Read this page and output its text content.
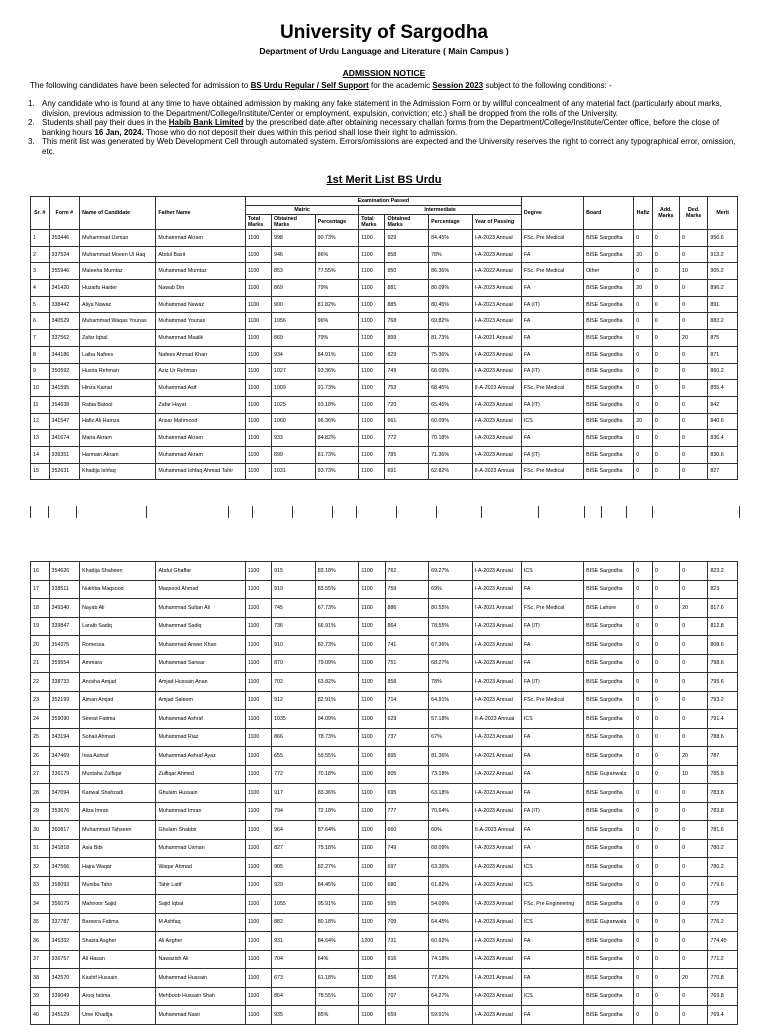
University of Sargodha
Department of Urdu Language and Literature ( Main Campus )
ADMISSION NOTICE
The following candidates have been selected for admission to BS Urdu Regular / Self Support for the academic Session 2023 subject to the following conditions: -
1. Any candidate who is found at any time to have obtained admission by making any fake statement in the Admission Form or by willful concealment of any material fact (particularly about marks, division, previous admission to the Department/College/Institute/Center or employment, expulsion, conviction; etc.) shall be dropped from the rolls of the University.
2. Students shall pay their dues in the Habib Bank Limited by the prescribed date after obtaining necessary challan forms from the Department/College/Institute/Center office, before the close of banking hours 16 Jan, 2024. Those who do not deposit their dues within this period shall lose their right to admission.
3. This merit list was generated by Web Development Cell through automated system. Errors/omissions are expected and the University reserves the right to correct any typographical error, omission, etc.
1st Merit List BS Urdu
Sr. #	Form #	Name of Candidate	Father Name	Examination Passed							Degree	Board	Hafiz	Add. Marks	Ded. Marks	Merit
				Matric			Intermediate									
				Total Marks	Obtained Marks	Percentage	Total Marks	Obtained Marks	Percentage	Year of Passing						
1	353446	Muhammad Usman	Muhammad Akram	1100	998	90.73%	1100	929	84.45%	I-A-2023 Annual	FSc. Pre Medical	BISE Sargodha	0	0	0	956.6
2	337524	Muhammad Moeen Ul Haq	Abdul Basit	1100	946	86%	1100	858	78%	I-A-2023 Annual	FA	BISE Sargodha	20	0	0	913.2
3	355946	Maleeha Mumtaz	Muhammad Mumtaz	1100	853	77.55%	1100	950	86.36%	I-A-2022 Annual	FSc. Pre Medical	Other	0	0	10	905.2
4	341420	Huzaifa Haider	Nawab Din	1100	869	79%	1100	881	80.09%	I-A-2023 Annual	FA	BISE Sargodha	20	0	0	896.2
5	338442	Aliya Nawaz	Muhammad Nawaz	1100	900	81.82%	1100	885	80.45%	I-A-2023 Annual	FA (IT)	BISE Sargodha	0	0	0	891
6	340529	Muhammad Waqas Younas	Muhammad Younas	1100	1056	96%	1100	768	69.82%	I-A-2023 Annual	FA	BISE Sargodha	0	0	0	883.2
7	337562	Zafar Iqbal	Muhammad Maalik	1100	869	79%	1100	899	81.73%	I-A-2021 Annual	FA	BISE Sargodha	0	0	20	875
8	344186	Laiba Nafees	Nafees Ahmad Khan	1100	934	84.91%	1100	829	75.36%	I-A-2023 Annual	FA	BISE Sargodha	0	0	0	871
9	350592	Husna Rehman	Aziz Ur Rehman	1100	1027	93.36%	1100	749	68.09%	I-A-2023 Annual	FA (IT)	BISE Sargodha	0	0	0	860.2
10	341595	Hinza Kainat	Muhammad Asif	1100	1009	91.73%	1100	753	68.45%	II-A-2023 Annual	FSc. Pre Medical	BISE Sargodha	0	0	0	855.4
11	354638	Rabia Batool	Zafar Hayat	1100	1025	93.18%	1100	720	65.45%	I-A-2023 Annual	FA (IT)	BISE Sargodha	0	0	0	842
12	341547	Hafiz Ali Hamza	Ansar Mahmood	1100	1060	96.36%	1100	661	60.09%	I-A-2023 Annual	ICS	BISE Sargodha	20	0	0	840.6
13	341674	Maira Akram	Muhammad Akram	1100	933	84.82%	1100	772	70.18%	I-A-2023 Annual	FA	BISE Sargodha	0	0	0	836.4
14	339351	Harmain Akram	Muhammad Akram	1100	899	81.73%	1100	785	71.36%	I-A-2023 Annual	FA (IT)	BISE Sargodha	0	0	0	830.6
15	352631	Khadija Ishfaq	Muhammad Ishfaq Ahmad Tahir	1100	1031	93.73%	1100	691	62.82%	II-A-2023 Annual	FSc. Pre Medical	BISE Sargodha	0	0	0	827
16	354626	Khadija Shaheen	Abdul Ghaffar	1100	915	83.18%	1100	762	69.27%	I-A-2023 Annual	ICS	BISE Sargodha	0	0	0	823.2
17	338511	Nukhba Maqsood	Maqsood Ahmad	1100	919	83.55%	1100	759	69%	I-A-2023 Annual	FA	BISE Sargodha	0	0	0	823
18	349340	Nayab Ali	Muhammad Sultan Ali	1100	745	67.73%	1100	886	80.55%	I-A-2021 Annual	FSc. Pre Medical	BISE Lahore	0	0	20	817.6
19	339847	Laraib Sadiq	Muhammad Sadiq	1100	736	66.91%	1100	864	78.55%	I-A-2023 Annual	FA (IT)	BISE Sargodha	0	0	0	812.8
20	354375	Romessa	Muhammad Anwer Khan	1100	910	82.73%	1100	741	67.36%	I-A-2023 Annual	FA	BISE Sargodha	0	0	0	808.6
21	359554	Ammara	Muhammad Sarwar	1100	870	79.09%	1100	751	68.27%	I-A-2023 Annual	FA	BISE Sargodha	0	0	0	798.6
22	338733	Anosha Amjad	Amjad Hussain Anan	1100	702	63.82%	1100	858	78%	I-A-2023 Annual	FA (IT)	BISE Sargodha	0	0	0	795.6
23	352199	Aiman Amjad	Amjad Saleem	1100	912	82.91%	1100	714	64.91%	I-A-2023 Annual	FSc. Pre Medical	BISE Sargodha	0	0	0	793.2
24	359090	Seerat Fatima	Muhammad Ashraf	1100	1035	94.09%	1100	629	57.18%	II-A-2023 Annual	ICS	BISE Sargodha	0	0	0	791.4
25	343194	Sohail Ahmad	Muhammad Riaz	1100	866	78.73%	1100	737	67%	I-A-2023 Annual	FA	BISE Sargodha	0	0	0	788.6
26	347469	Insa Ashraf	Muhammad Ashraf Ayaz	1100	655	59.55%	1100	895	81.36%	I-A-2021 Annual	FA	BISE Sargodha	0	0	20	787
27	336179	Muntaha Zulfiqar	Zulfiqar Ahmed	1100	772	70.18%	1100	805	73.18%	I-A-2022 Annual	FA	BISE Gujranwala	0	0	10	785.8
28	347094	Kanwal Shahzadi	Ghulam Hussain	1100	917	83.36%	1100	695	63.18%	I-A-2023 Annual	FA	BISE Sargodha	0	0	0	783.8
29	353676	Aliza Imran	Muhammad Imran	1100	794	72.18%	1100	777	70.64%	I-A-2023 Annual	FA (IT)	BISE Sargodha	0	0	0	783.8
30	360817	Muhammad Tahseen	Ghulam Shabbir	1100	964	87.64%	1100	660	60%	II-A-2023 Annual	FA	BISE Sargodha	0	0	0	781.6
31	341818	Asia Bibi	Muhammad Usman	1100	827	75.18%	1100	749	68.09%	I-A-2023 Annual	FA	BISE Sargodha	0	0	0	780.2
32	347566	Hajra Waqar	Waqar Ahmad	1100	905	82.27%	1100	697	63.36%	I-A-2023 Annual	ICS	BISE Sargodha	0	0	0	780.2
33	358093	Muniba Tahir	Tahir Latif	1100	929	84.45%	1100	680	61.82%	I-A-2023 Annual	ICS	BISE Sargodha	0	0	0	779.6
34	356079	Mahnoor Sajid	Sajid Iqbal	1100	1055	95.91%	1100	595	54.09%	I-A-2023 Annual	FSc. Pre Engineering	BISE Sargodha	0	0	0	779
35	337787	Bareera Fatima	M Ashfaq	1100	882	80.18%	1100	709	64.45%	I-A-2023 Annual	ICS	BISE Gujranwala	0	0	0	776.2
36	345332	Shazia Asgher	Ali Asgher	1100	931	84.64%	1200	731	60.92%	I-A-2023 Annual	FA	BISE Sargodha	0	0	0	774.45
37	336757	Ali Hasan	Nawazish Ali	1100	704	64%	1100	816	74.18%	I-A-2023 Annual	FA	BISE Sargodha	0	0	0	771.2
38	342570	Kashif Hussain	Muhammad Hussain	1100	673	61.18%	1100	856	77.82%	I-A-2021 Annual	FA	BISE Sargodha	0	0	20	770.8
39	339049	Arooj fatima	Mehboob Hussain Shah	1100	864	78.55%	1100	707	64.27%	I-A-2023 Annual	ICS	BISE Sargodha	0	0	0	769.8
40	345129	Ume Khadija	Muhammad Nasir	1100	935	85%	1100	659	59.91%	I-A-2023 Annual	FA	BISE Sargodha	0	0	0	769.4
